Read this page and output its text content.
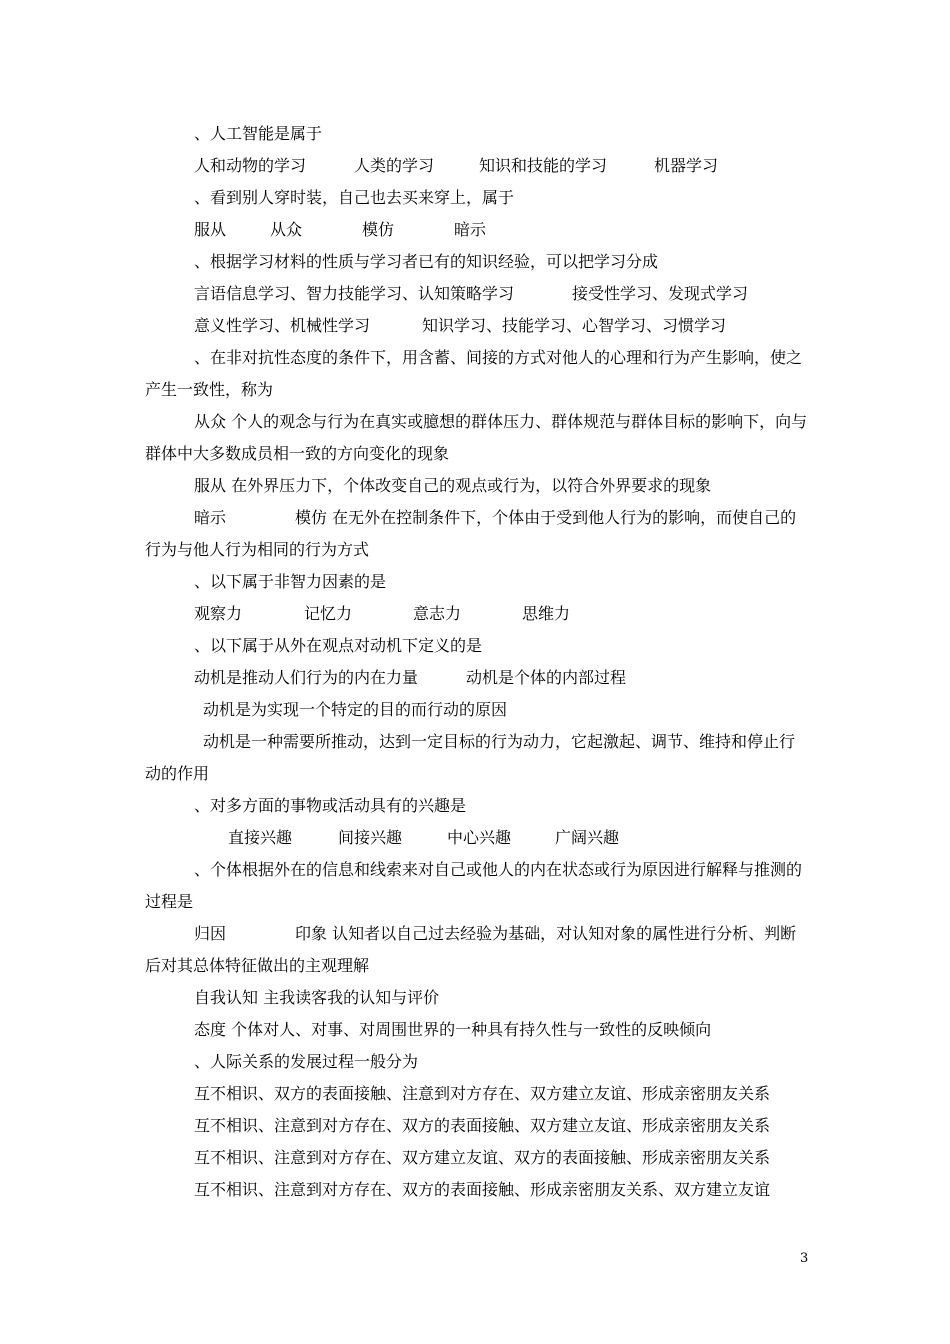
、人工智能是属于
人和动物的学习	人类的学习	知识和技能的学习	机器学习
、看到别人穿时装，自己也去买来穿上，属于
服从	从众	模仿	暗示
、根据学习材料的性质与学习者已有的知识经验，可以把学习分成
言语信息学习、智力技能学习、认知策略学习	接受性学习、发现式学习
意义性学习、机械性学习	知识学习、技能学习、心智学习、习惯学习
、在非对抗性态度的条件下，用含蓄、间接的方式对他人的心理和行为产生影响，使之产生一致性，称为
从众 个人的观念与行为在真实或臆想的群体压力、群体规范与群体目标的影响下，向与群体中大多数成员相一致的方向变化的现象
服从 在外界压力下，个体改变自己的观点或行为，以符合外界要求的现象
暗示	模仿 在无外在控制条件下，个体由于受到他人行为的影响，而使自己的行为与他人行为相同的行为方式
、以下属于非智力因素的是
观察力	记忆力	意志力	思维力
、以下属于从外在观点对动机下定义的是
动机是推动人们行为的内在力量	动机是个体的内部过程
动机是为实现一个特定的目的而行动的原因
动机是一种需要所推动，达到一定目标的行为动力，它起激起、调节、维持和停止行动的作用
、对多方面的事物或活动具有的兴趣是
直接兴趣	间接兴趣	中心兴趣	广阔兴趣
、个体根据外在的信息和线索来对自己或他人的内在状态或行为原因进行解释与推测的过程是
归因	印象 认知者以自己过去经验为基础，对认知对象的属性进行分析、判断后对其总体特征做出的主观理解
自我认知 主我读客我的认知与评价
态度 个体对人、对事、对周围世界的一种具有持久性与一致性的反映倾向
、人际关系的发展过程一般分为
互不相识、双方的表面接触、注意到对方存在、双方建立友谊、形成亲密朋友关系
互不相识、注意到对方存在、双方的表面接触、双方建立友谊、形成亲密朋友关系
互不相识、注意到对方存在、双方建立友谊、双方的表面接触、形成亲密朋友关系
互不相识、注意到对方存在、双方的表面接触、形成亲密朋友关系、双方建立友谊
3
